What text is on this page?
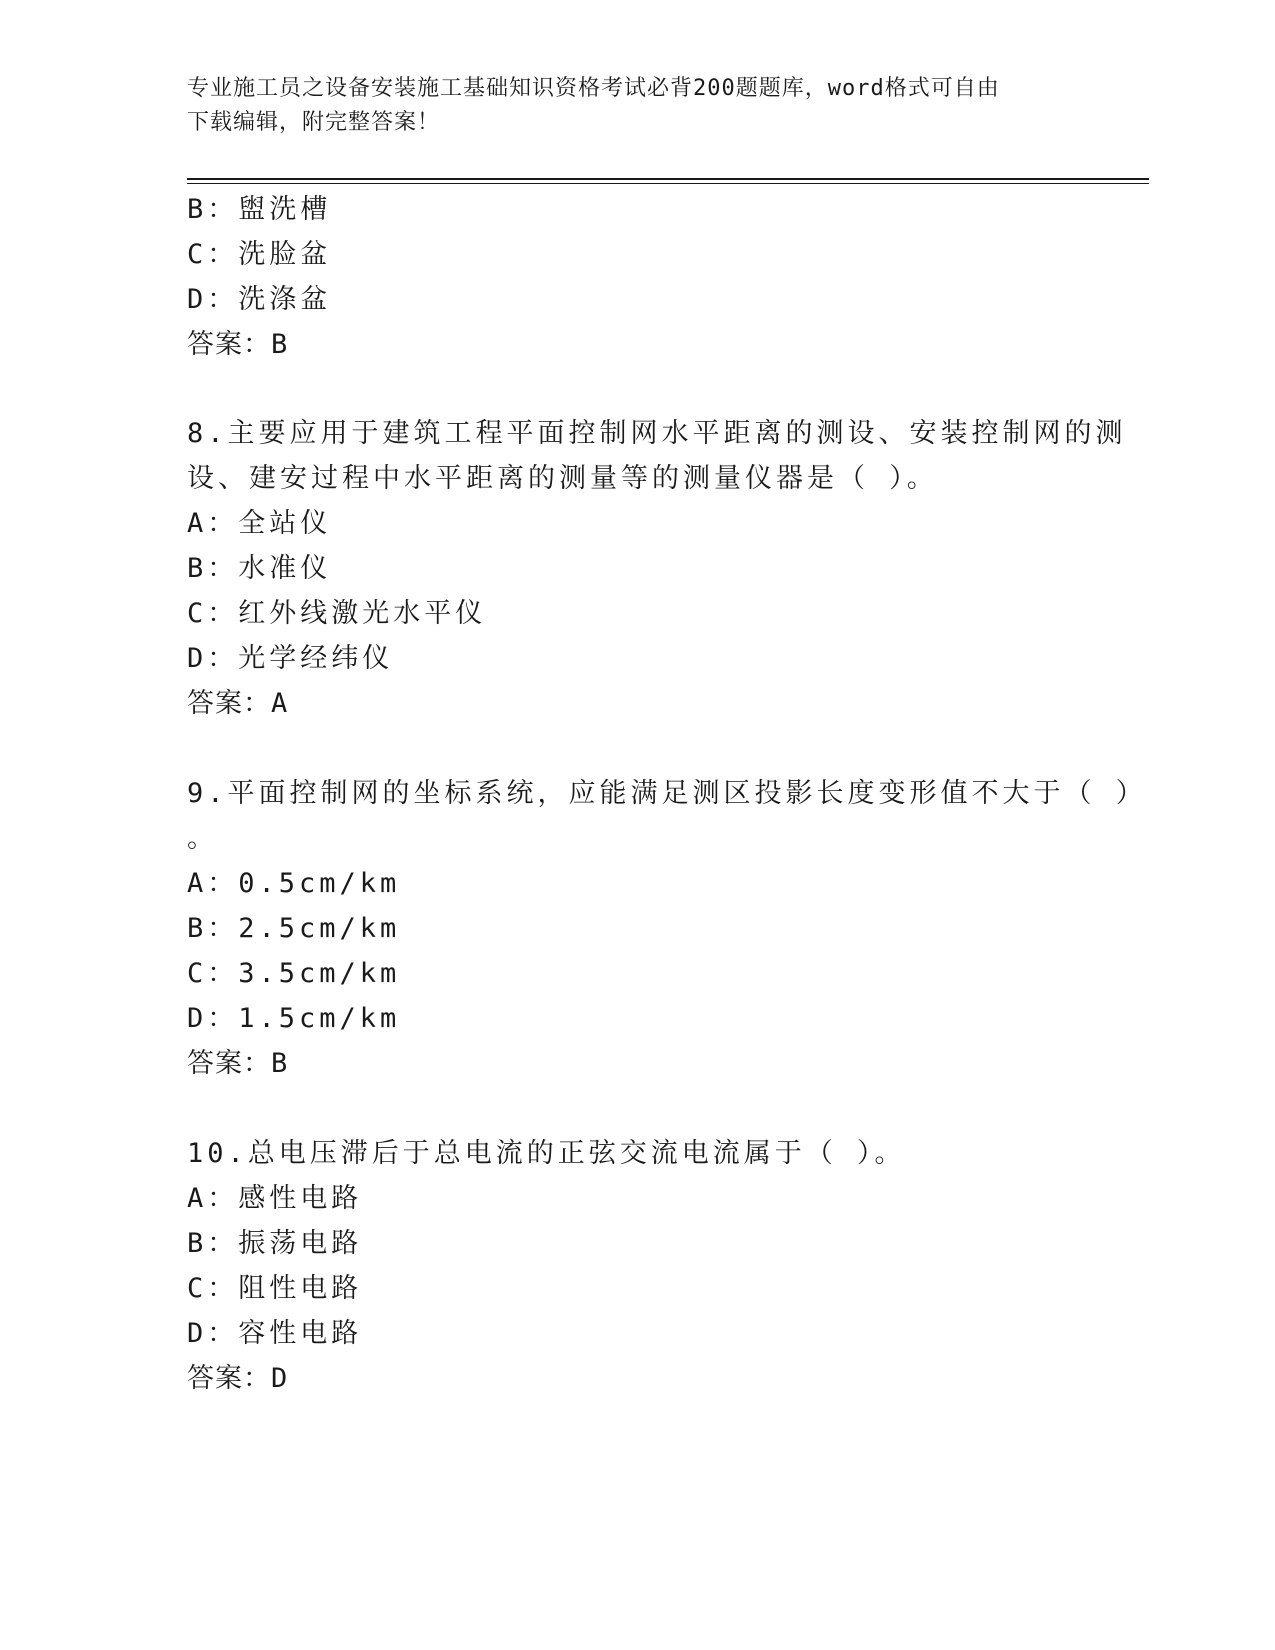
专业施工员之设备安装施工基础知识资格考试必背200题题库，word格式可自由
下载编辑，附完整答案！
B：盥洗槽
C：洗脸盆
D：洗涤盆
答案：B
8.主要应用于建筑工程平面控制网水平距离的测设、安装控制网的测
设、建安过程中水平距离的测量等的测量仪器是（ ）。
A：全站仪
B：水准仪
C：红外线激光水平仪
D：光学经纬仪
答案：A
9.平面控制网的坐标系统，应能满足测区投影长度变形值不大于（ ）
。
A：0.5cm/km
B：2.5cm/km
C：3.5cm/km
D：1.5cm/km
答案：B
10.总电压滞后于总电流的正弦交流电流属于（ ）。
A：感性电路
B：振荡电路
C：阻性电路
D：容性电路
答案：D
